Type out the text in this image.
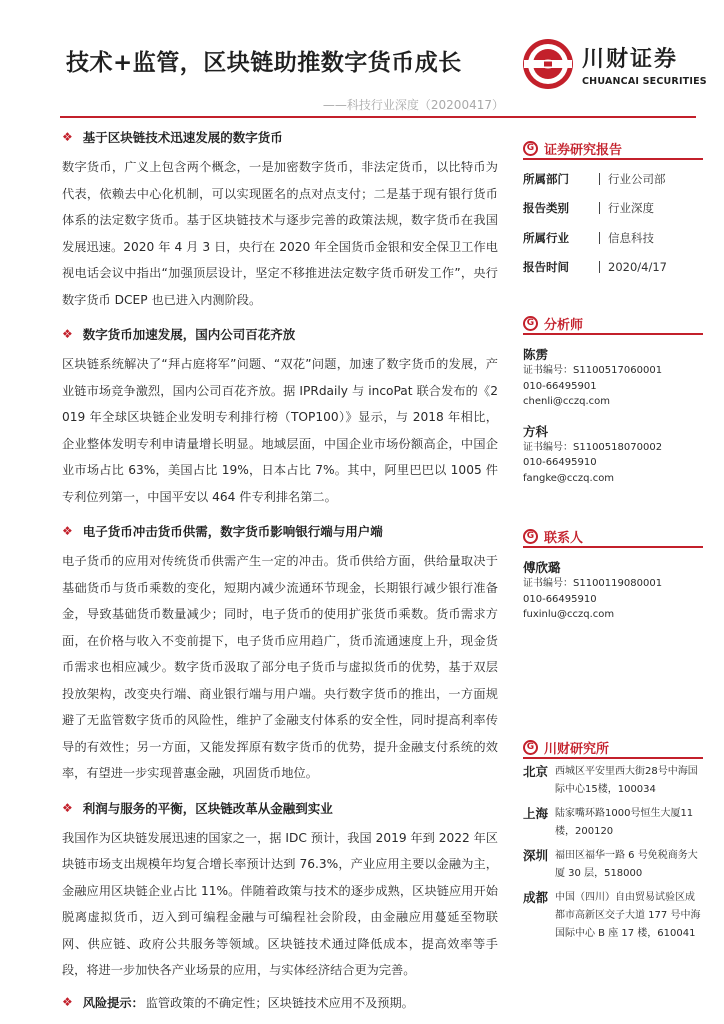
技术+监管，区块链助推数字货币成长
——科技行业深度（20200417）
川财证券
CHUANCAI SECURITIES
❖ 基于区块链技术迅速发展的数字货币
数字货币，广义上包含两个概念，一是加密数字货币，非法定货币，以比特币为代表，依赖去中心化机制，可以实现匿名的点对点支付；二是基于现有银行货币体系的法定数字货币。基于区块链技术与逐步完善的政策法规，数字货币在我国发展迅速。2020 年 4 月 3 日，央行在 2020 年全国货币金银和安全保卫工作电视电话会议中指出“加强顶层设计，坚定不移推进法定数字货币研发工作”，央行数字货币 DCEP 也已进入内测阶段。
❖ 数字货币加速发展，国内公司百花齐放
区块链系统解决了“拜占庭将军”问题、“双花”问题，加速了数字货币的发展，产业链市场竞争激烈，国内公司百花齐放。据 IPRdaily 与 incoPat 联合发布的《2019 年全球区块链企业发明专利排行榜（TOP100）》显示，与 2018 年相比，企业整体发明专利申请量增长明显。地域层面，中国企业市场份额高企，中国企业市场占比 63%，美国占比 19%，日本占比 7%。其中，阿里巴巴以 1005 件专利位列第一，中国平安以 464 件专利排名第二。
❖ 电子货币冲击货币供需，数字货币影响银行端与用户端
电子货币的应用对传统货币供需产生一定的冲击。货币供给方面，供给量取决于基础货币与货币乘数的变化，短期内减少流通环节现金，长期银行减少银行准备金，导致基础货币数量减少；同时，电子货币的使用扩张货币乘数。货币需求方面，在价格与收入不变前提下，电子货币应用趋广，货币流通速度上升，现金货币需求也相应减少。数字货币汲取了部分电子货币与虚拟货币的优势，基于双层投放架构，改变央行端、商业银行端与用户端。央行数字货币的推出，一方面规避了无监管数字货币的风险性，维护了金融支付体系的安全性，同时提高利率传导的有效性；另一方面，又能发挥原有数字货币的优势，提升金融支付系统的效率，有望进一步实现普惠金融，巩固货币地位。
❖ 利润与服务的平衡，区块链改革从金融到实业
我国作为区块链发展迅速的国家之一，据 IDC 预计，我国 2019 年到 2022 年区块链市场支出规模年均复合增长率预计达到 76.3%，产业应用主要以金融为主，金融应用区块链企业占比 11%。伴随着政策与技术的逐步成熟，区块链应用开始脱离虚拟货币，迈入到可编程金融与可编程社会阶段，由金融应用蔓延至物联网、供应链、政府公共服务等领域。区块链技术通过降低成本，提高效率等手段，将进一步加快各产业场景的应用，与实体经济结合更为完善。
❖ 风险提示： 监管政策的不确定性；区块链技术应用不及预期。
G 证券研究报告
所属部门	行业公司部
报告类别	行业深度
所属行业	信息科技
报告时间	2020/4/17
G 分析师
陈雳
证书编号：S1100517060001
010-66495901
chenli@cczq.com
方科
证书编号：S1100518070002
010-66495910
fangke@cczq.com
G 联系人
傅欣璐
证书编号：S1100119080001
010-66495910
fuxinlu@cczq.com
G 川财研究所
北京 西城区平安里西大街28号中海国际中心15楼，100034
上海 陆家嘴环路1000号恒生大厦11楼，200120
深圳 福田区福华一路 6 号免税商务大厦 30 层，518000
成都 中国（四川）自由贸易试验区成都市高新区交子大道 177 号中海国际中心 B 座 17 楼，610041
